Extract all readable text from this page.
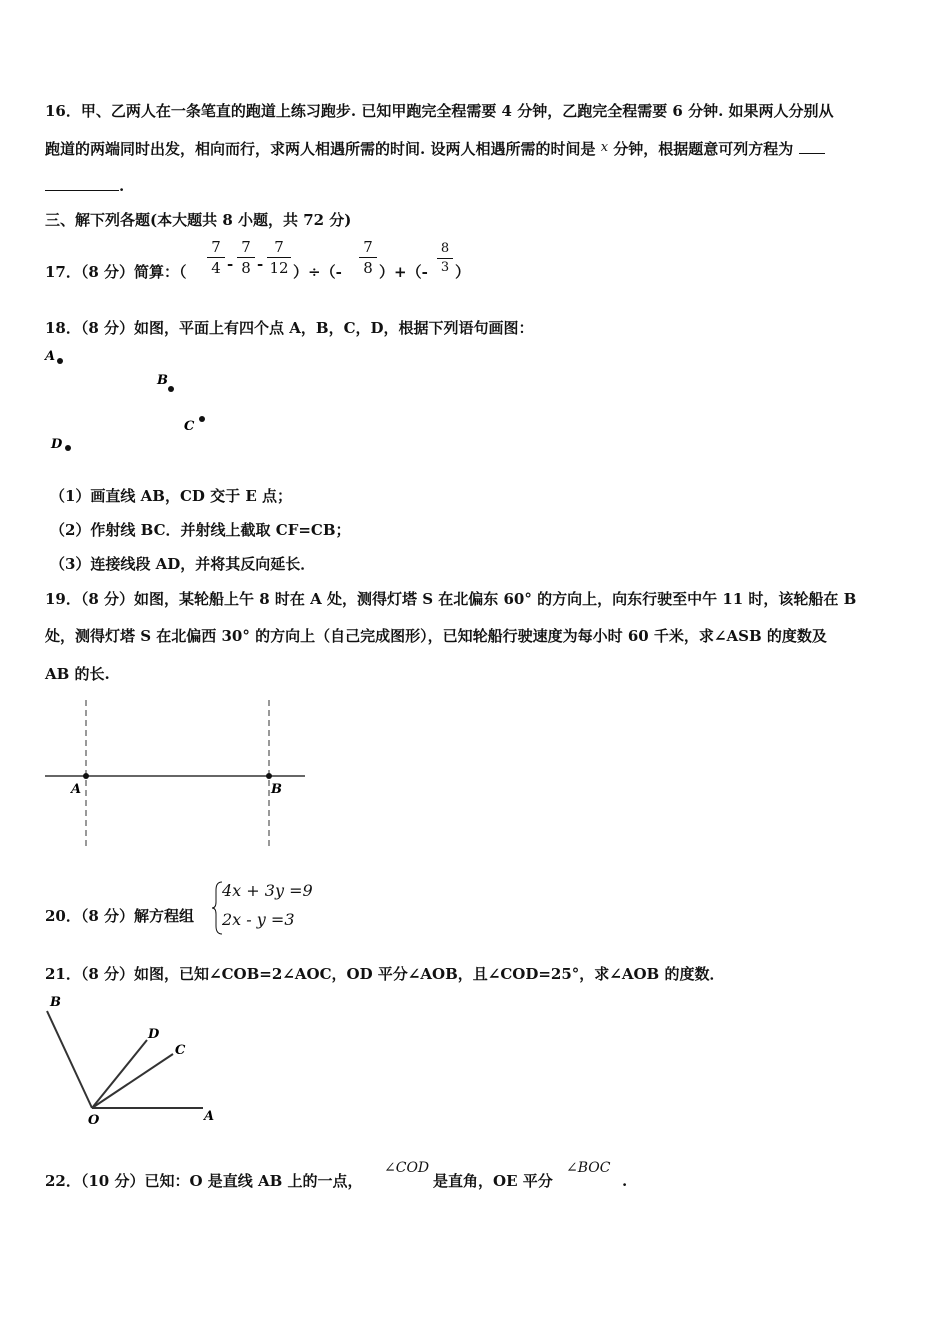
16．甲、乙两人在一条笔直的跑道上练习跑步. 已知甲跑完全程需要 4 分钟，乙跑完全程需要 6 分钟. 如果两人分别从
跑道的两端同时出发，相向而行，求两人相遇所需的时间. 设两人相遇所需的时间是 x 分钟，根据题意可列方程为
.
三、解下列各题(本大题共 8 小题，共 72 分)
17．（8 分）简算：（
7
4 -
7
8 -
7
12 ）÷（-
7
8 ）+（-
8
3 ）
18．（8 分）如图，平面上有四个点 A，B，C，D，根据下列语句画图：
A
B
C
D
（1）画直线 AB，CD 交于 E 点；
（2）作射线 BC．并射线上截取 CF=CB；
（3）连接线段 AD，并将其反向延长．
19．（8 分）如图，某轮船上午 8 时在 A 处，测得灯塔 S 在北偏东 60° 的方向上，向东行驶至中午 11 时，该轮船在 B
处，测得灯塔 S 在北偏西 30° 的方向上（自己完成图形），已知轮船行驶速度为每小时 60 千米，求∠ASB 的度数及
AB 的长.
A	B
20．（8 分）解方程组
4x + 3y =9
2x - y =3
21．（8 分）如图，已知∠COB=2∠AOC，OD 平分∠AOB，且∠COD=25°，求∠AOB 的度数．
B
D
C
O	A
22．（10 分）已知：O 是直线 AB 上的一点，
∠COD
是直角，OE 平分
∠BOC
.
